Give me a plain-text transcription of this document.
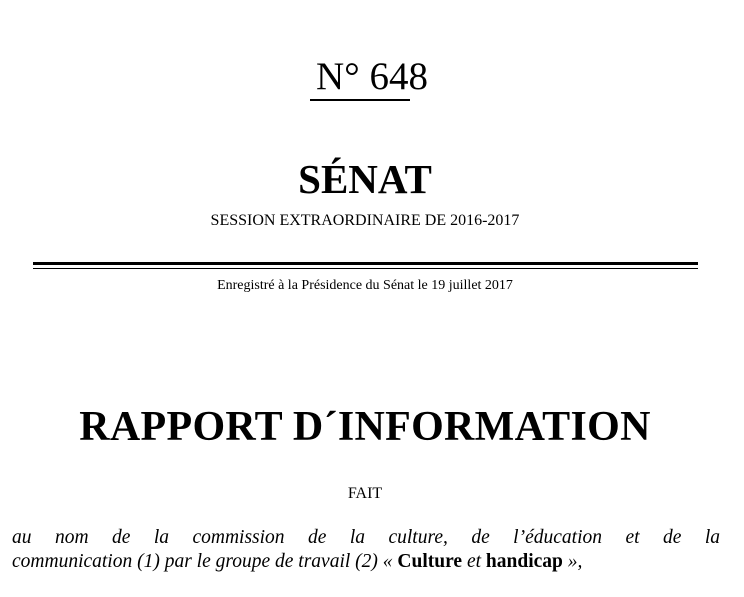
N° 648
SÉNAT
SESSION EXTRAORDINAIRE DE 2016-2017
Enregistré à la Présidence du Sénat le 19 juillet 2017
RAPPORT D´INFORMATION
FAIT
au nom de la commission de la culture, de l’éducation et de la
communication (1) par le groupe de travail (2) « Culture et handicap »,
